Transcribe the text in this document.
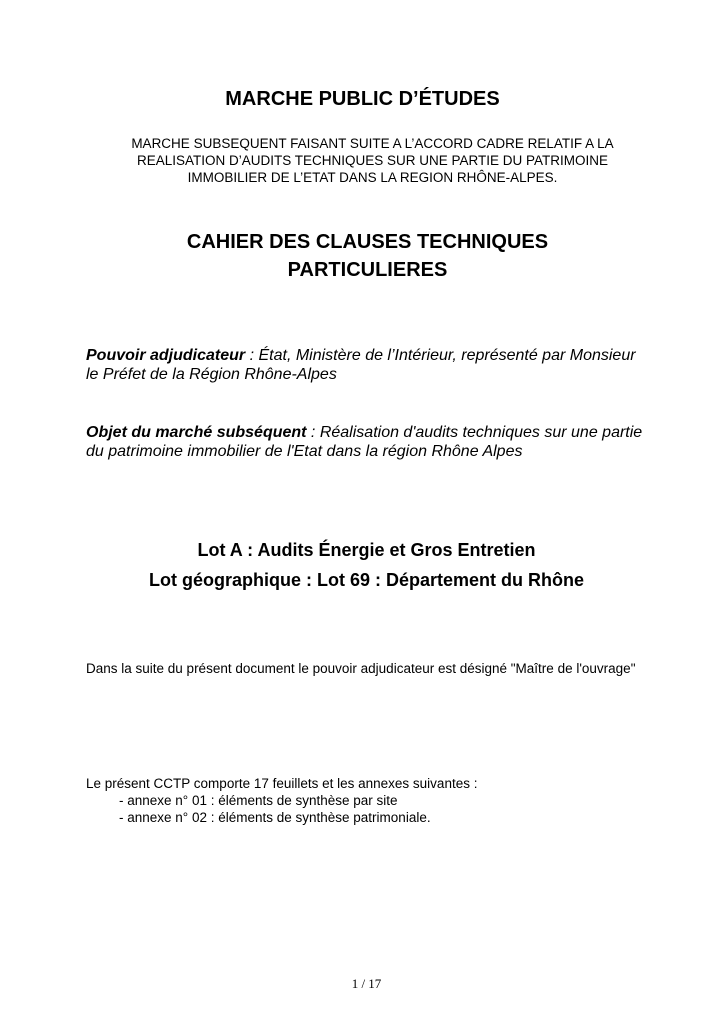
MARCHE PUBLIC D’ÉTUDES
MARCHE SUBSEQUENT FAISANT SUITE A L’ACCORD CADRE RELATIF A LA
REALISATION D’AUDITS TECHNIQUES SUR UNE PARTIE DU PATRIMOINE
IMMOBILIER DE L’ETAT DANS LA REGION RHÔNE-ALPES.
CAHIER DES CLAUSES TECHNIQUES
PARTICULIERES
Pouvoir adjudicateur : État, Ministère de l’Intérieur, représenté par Monsieur le Préfet de la Région Rhône-Alpes
Objet du marché subséquent : Réalisation d'audits techniques sur une partie du patrimoine immobilier de l'Etat dans la région Rhône Alpes
Lot A : Audits Énergie et Gros Entretien
Lot géographique : Lot 69 : Département du Rhône
Dans la suite du présent document le pouvoir adjudicateur est désigné "Maître de l'ouvrage"
Le présent CCTP comporte 17 feuillets et les annexes suivantes :
- annexe n° 01 : éléments de synthèse par site
- annexe n° 02 : éléments de synthèse patrimoniale.
1 / 17
